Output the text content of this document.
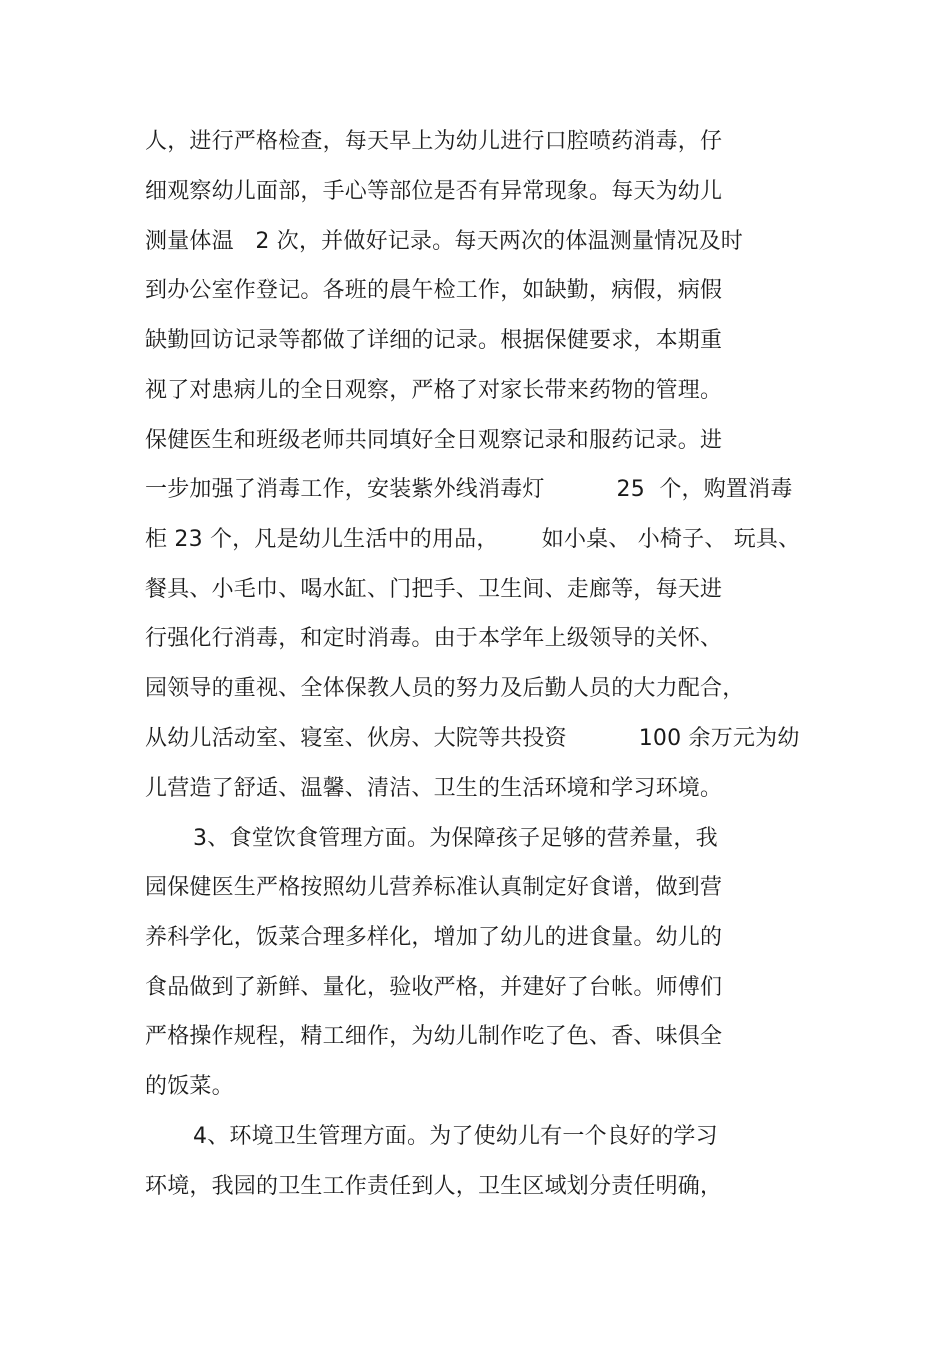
人，进行严格检查，每天早上为幼儿进行口腔喷药消毒，仔
细观察幼儿面部，手心等部位是否有异常现象。每天为幼儿
测量体温   2 次，并做好记录。每天两次的体温测量情况及时
到办公室作登记。各班的晨午检工作，如缺勤，病假，病假
缺勤回访记录等都做了详细的记录。根据保健要求，本期重
视了对患病儿的全日观察，严格了对家长带来药物的管理。
保健医生和班级老师共同填好全日观察记录和服药记录。进
一步加强了消毒工作，安装紫外线消毒灯          25  个，购置消毒
柜 23 个，凡是幼儿生活中的用品，      如小桌、 小椅子、 玩具、
餐具、小毛巾、喝水缸、门把手、卫生间、走廊等，每天进
行强化行消毒，和定时消毒。由于本学年上级领导的关怀、
园领导的重视、全体保教人员的努力及后勤人员的大力配合，
从幼儿活动室、寝室、伙房、大院等共投资          100 余万元为幼
儿营造了舒适、温馨、清洁、卫生的生活环境和学习环境。
3、食堂饮食管理方面。为保障孩子足够的营养量，我
园保健医生严格按照幼儿营养标准认真制定好食谱，做到营
养科学化，饭菜合理多样化，增加了幼儿的进食量。幼儿的
食品做到了新鲜、量化，验收严格，并建好了台帐。师傅们
严格操作规程，精工细作，为幼儿制作吃了色、香、味俱全
的饭菜。
4、环境卫生管理方面。为了使幼儿有一个良好的学习
环境，我园的卫生工作责任到人，卫生区域划分责任明确，
